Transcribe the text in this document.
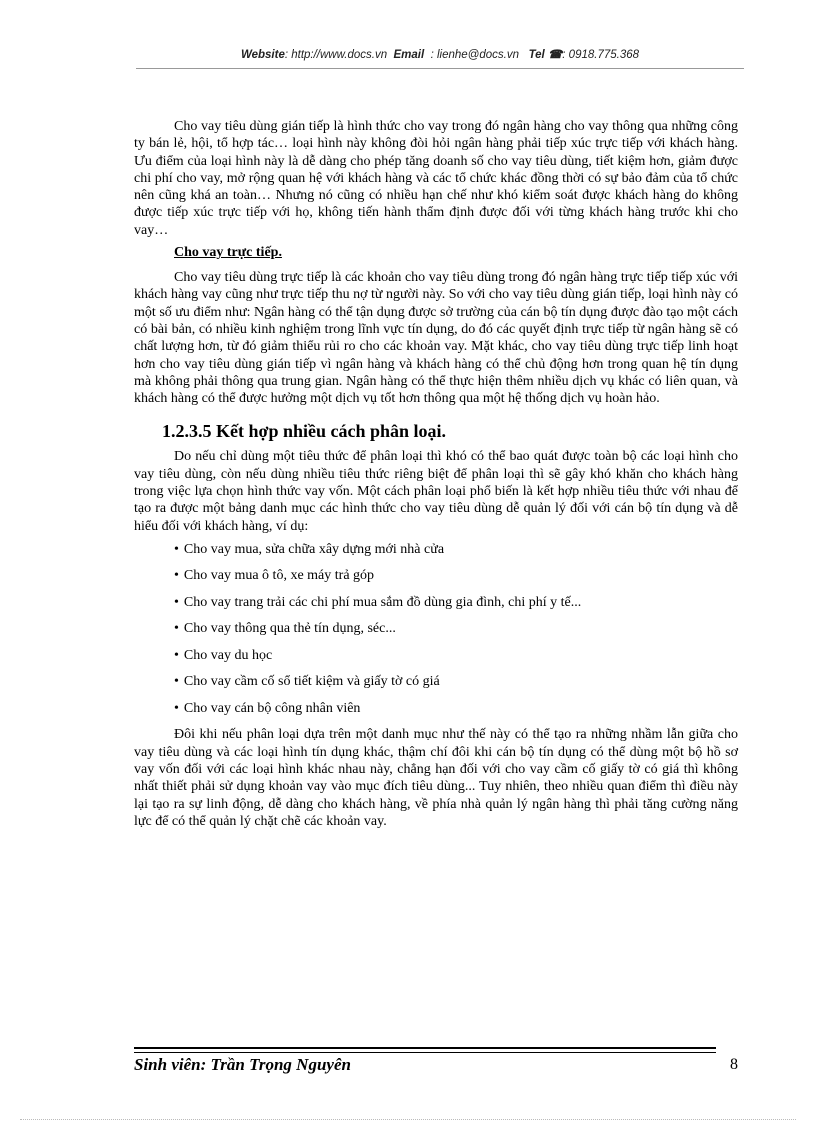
Website: http://www.docs.vn Email : lienhe@docs.vn Tel ☎: 0918.775.368

Cho vay tiêu dùng gián tiếp là hình thức cho vay trong đó ngân hàng cho vay thông qua những công ty bán lẻ, hội, tổ hợp tác… loại hình này không đòi hỏi ngân hàng phải tiếp xúc trực tiếp với khách hàng. Ưu điểm của loại hình này là dễ dàng cho phép tăng doanh số cho vay tiêu dùng, tiết kiệm hơn, giảm được chi phí cho vay, mở rộng quan hệ với khách hàng và các tổ chức khác đồng thời có sự bảo đảm của tổ chức nên cũng khá an toàn… Nhưng nó cũng có nhiều hạn chế như khó kiểm soát được khách hàng do không được tiếp xúc trực tiếp với họ, không tiến hành thẩm định được đối với từng khách hàng trước khi cho vay…

Cho vay trực tiếp.

Cho vay tiêu dùng trực tiếp là các khoản cho vay tiêu dùng trong đó ngân hàng trực tiếp tiếp xúc với khách hàng vay cũng như trực tiếp thu nợ từ người này. So với cho vay tiêu dùng gián tiếp, loại hình này có một số ưu điểm như: Ngân hàng có thể tận dụng được sở trường của cán bộ tín dụng được đào tạo một cách có bài bản, có nhiều kinh nghiệm trong lĩnh vực tín dụng, do đó các quyết định trực tiếp từ ngân hàng sẽ có chất lượng hơn, từ đó giảm thiểu rủi ro cho các khoản vay. Mặt khác, cho vay tiêu dùng trực tiếp linh hoạt hơn cho vay tiêu dùng gián tiếp vì ngân hàng và khách hàng có thể chủ động hơn trong quan hệ tín dụng mà không phải thông qua trung gian. Ngân hàng có thể thực hiện thêm nhiều dịch vụ khác có liên quan, và khách hàng có thể được hưởng một dịch vụ tốt hơn thông qua một hệ thống dịch vụ hoàn hảo.

1.2.3.5 Kết hợp nhiều cách phân loại.

Do nếu chỉ dùng một tiêu thức để phân loại thì khó có thể bao quát được toàn bộ các loại hình cho vay tiêu dùng, còn nếu dùng nhiều tiêu thức riêng biệt để phân loại thì sẽ gây khó khăn cho khách hàng trong việc lựa chọn hình thức vay vốn. Một cách phân loại phổ biến là kết hợp nhiều tiêu thức với nhau để tạo ra được một bảng danh mục các hình thức cho vay tiêu dùng dễ quản lý đối với cán bộ tín dụng và dễ hiểu đối với khách hàng, ví dụ:

• Cho vay mua, sửa chữa xây dựng mới nhà cửa
• Cho vay mua ô tô, xe máy trả góp
• Cho vay trang trải các chi phí mua sắm đồ dùng gia đình, chi phí y tế...
• Cho vay thông qua thẻ tín dụng, séc...
• Cho vay du học
• Cho vay cầm cố sổ tiết kiệm và giấy tờ có giá
• Cho vay cán bộ công nhân viên

Đôi khi nếu phân loại dựa trên một danh mục như thế này có thể tạo ra những nhầm lẫn giữa cho vay tiêu dùng và các loại hình tín dụng khác, thậm chí đôi khi cán bộ tín dụng có thể dùng một bộ hồ sơ vay vốn đối với các loại hình khác nhau này, chẳng hạn đối với cho vay cầm cố giấy tờ có giá thì không nhất thiết phải sử dụng khoản vay vào mục đích tiêu dùng... Tuy nhiên, theo nhiều quan điểm thì điều này lại tạo ra sự linh động, dễ dàng cho khách hàng, về phía nhà quản lý ngân hàng thì phải tăng cường năng lực để có thể quản lý chặt chẽ các khoản vay.

Sinh viên: Trần Trọng Nguyên	8
